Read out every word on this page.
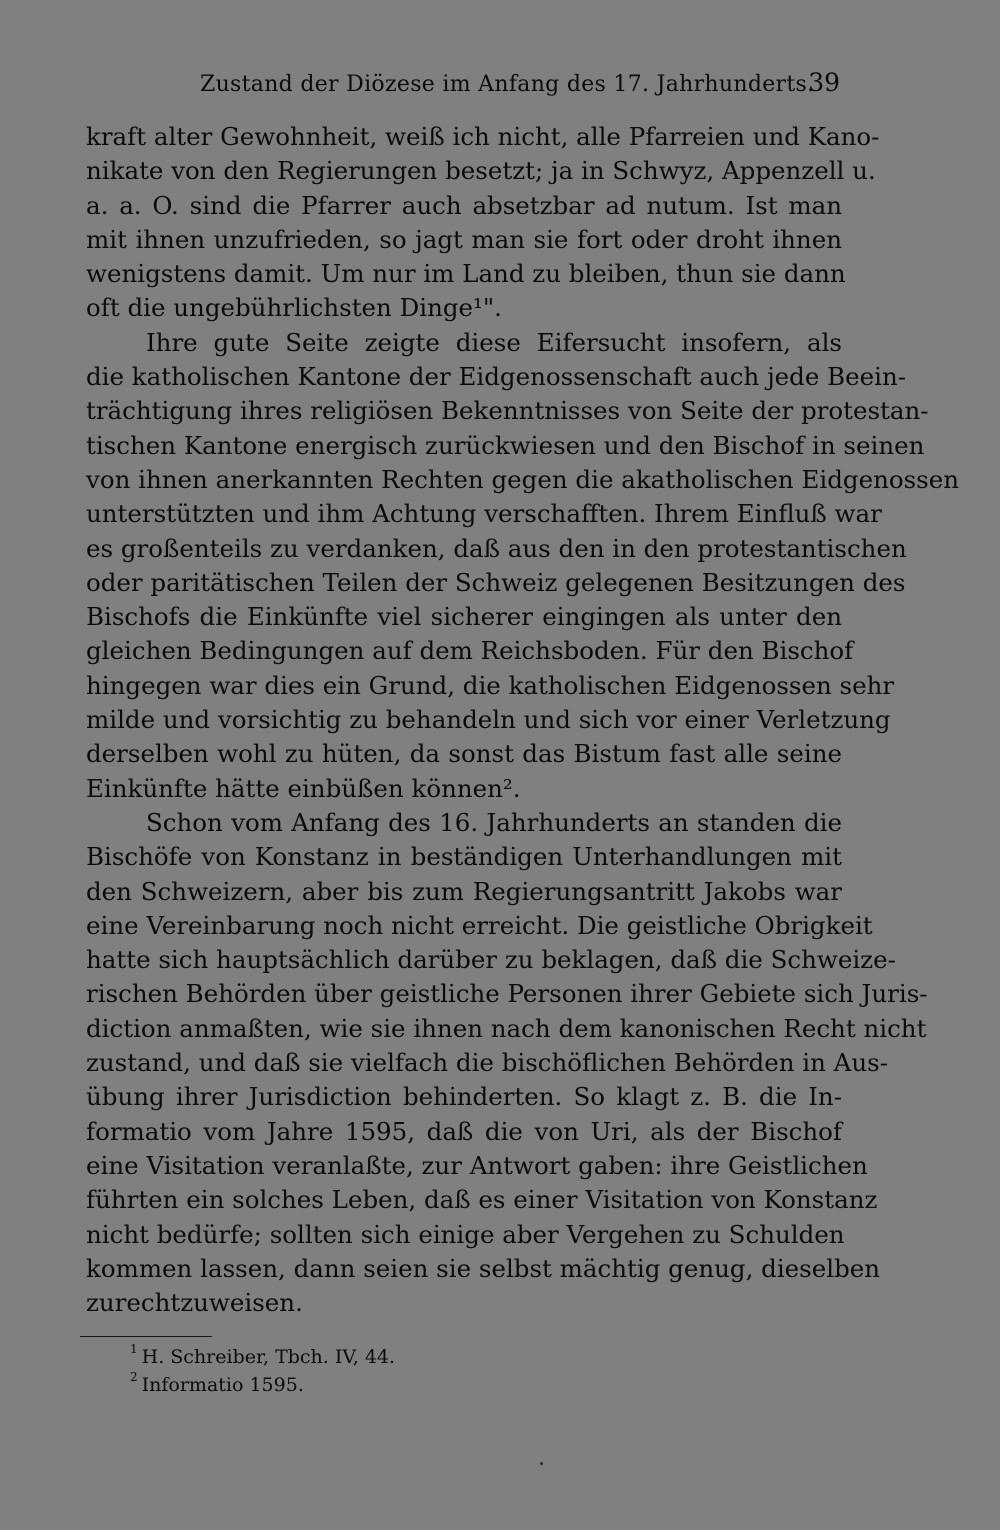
Zustand der Diözese im Anfang des 17. Jahrhunderts.
39
kraft alter Gewohnheit, weiß ich nicht, alle Pfarreien und Kano-
nikate von den Regierungen besetzt; ja in Schwyz, Appenzell u.
a. a. O. sind die Pfarrer auch absetzbar ad nutum. Ist man
mit ihnen unzufrieden, so jagt man sie fort oder droht ihnen
wenigstens damit. Um nur im Land zu bleiben, thun sie dann
oft die ungebührlichsten Dinge¹".
Ihre gute Seite zeigte diese Eifersucht insofern, als
die katholischen Kantone der Eidgenossenschaft auch jede Beein-
trächtigung ihres religiösen Bekenntnisses von Seite der protestan-
tischen Kantone energisch zurückwiesen und den Bischof in seinen
von ihnen anerkannten Rechten gegen die akatholischen Eidgenossen
unterstützten und ihm Achtung verschafften. Ihrem Einfluß war
es großenteils zu verdanken, daß aus den in den protestantischen
oder paritätischen Teilen der Schweiz gelegenen Besitzungen des
Bischofs die Einkünfte viel sicherer eingingen als unter den
gleichen Bedingungen auf dem Reichsboden. Für den Bischof
hingegen war dies ein Grund, die katholischen Eidgenossen sehr
milde und vorsichtig zu behandeln und sich vor einer Verletzung
derselben wohl zu hüten, da sonst das Bistum fast alle seine
Einkünfte hätte einbüßen können².
Schon vom Anfang des 16. Jahrhunderts an standen die
Bischöfe von Konstanz in beständigen Unterhandlungen mit
den Schweizern, aber bis zum Regierungsantritt Jakobs war
eine Vereinbarung noch nicht erreicht. Die geistliche Obrigkeit
hatte sich hauptsächlich darüber zu beklagen, daß die Schweize-
rischen Behörden über geistliche Personen ihrer Gebiete sich Juris-
diction anmaßten, wie sie ihnen nach dem kanonischen Recht nicht
zustand, und daß sie vielfach die bischöflichen Behörden in Aus-
übung ihrer Jurisdiction behinderten. So klagt z. B. die In-
formatio vom Jahre 1595, daß die von Uri, als der Bischof
eine Visitation veranlaßte, zur Antwort gaben: ihre Geistlichen
führten ein solches Leben, daß es einer Visitation von Konstanz
nicht bedürfe; sollten sich einige aber Vergehen zu Schulden
kommen lassen, dann seien sie selbst mächtig genug, dieselben
zurechtzuweisen.
$^1$ H. Schreiber, Tbch. IV, 44.
$^2$ Informatio 1595.
